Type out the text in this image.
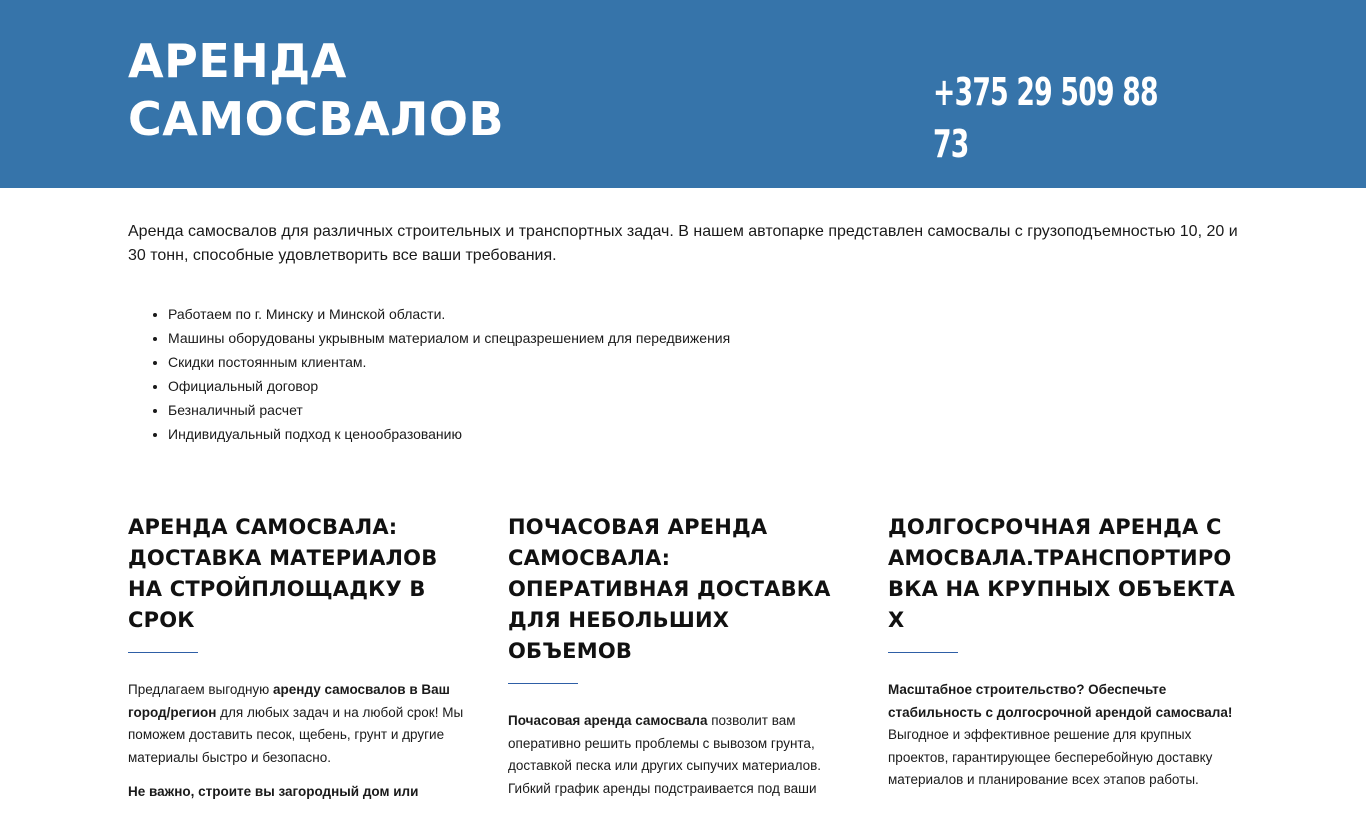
АРЕНДА
САМОСВАЛОВ	+375 29 509 88 73

Аренда самосвалов для различных строительных и транспортных задач. В нашем автопарке представлен самосвалы с грузоподъемностью 10, 20 и 30 тонн, способные удовлетворить все ваши требования.

• Работаем по г. Минску и Минской области.
• Машины оборудованы укрывным материалом и спецразрешением для передвижения
• Скидки постоянным клиентам.
• Официальный договор
• Безналичный расчет
• Индивидуальный подход к ценообразованию
АРЕНДА САМОСВАЛА: ДОСТАВКА МАТЕРИАЛОВ НА СТРОЙПЛОЩАДКУ В СРОК

Предлагаем выгодную аренду самосвалов в Ваш город/регион для любых задач и на любой срок! Мы поможем доставить песок, щебень, грунт и другие материалы быстро и безопасно.

Не важно, строите вы загородный дом или

ПОЧАСОВАЯ АРЕНДА САМОСВАЛА: ОПЕРАТИВНАЯ ДОСТАВКА ДЛЯ НЕБОЛЬШИХ ОБЪЕМОВ

Почасовая аренда самосвала позволит вам оперативно решить проблемы с вывозом грунта, доставкой песка или других сыпучих материалов. Гибкий график аренды подстраивается под ваши

ДОЛГОСРОЧНАЯ АРЕНДА САМОСВАЛА.ТРАНСПОРТИРОВКА НА КРУПНЫХ ОБЪЕКТАХ

Масштабное строительство? Обеспечьте стабильность с долгосрочной арендой самосвала! Выгодное и эффективное решение для крупных проектов, гарантирующее бесперебойную доставку материалов и планирование всех этапов работы.
